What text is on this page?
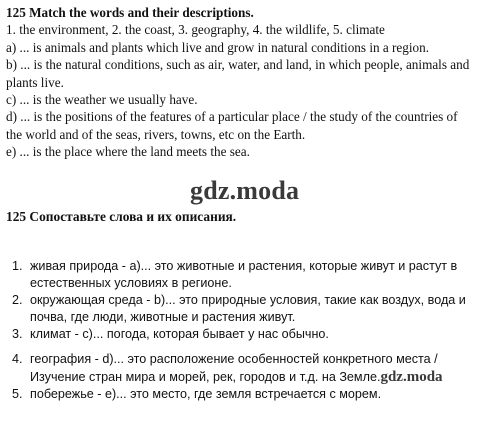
125 Match the words and their descriptions.

1. the environment, 2. the coast, 3. geography, 4. the wildlife, 5. climate

a) ... is animals and plants which live and grow in natural conditions in a region.

b) ... is the natural conditions, such as air, water, and land, in which people, animals and plants live.

c) ... is the weather we usually have.

d) ... is the positions of the features of a particular place / the study of the countries of the world and of the seas, rivers, towns, etc on the Earth.

e) ... is the place where the land meets the sea.

gdz.moda
125 Сопоставьте слова и их описания.
1. живая природа - a)... это животные и растения, которые живут и растут в естественных условиях в регионе.
2. окружающая среда - b)... это природные условия, такие как воздух, вода и почва, где люди, животные и растения живут.
3. климат - c)... погода, которая бывает у нас обычно.
4. география - d)... это расположение особенностей конкретного места / Изучение стран мира и морей, рек, городов и т.д. на Земле.gdz.moda
5. побережье - e)... это место, где земля встречается с морем.
